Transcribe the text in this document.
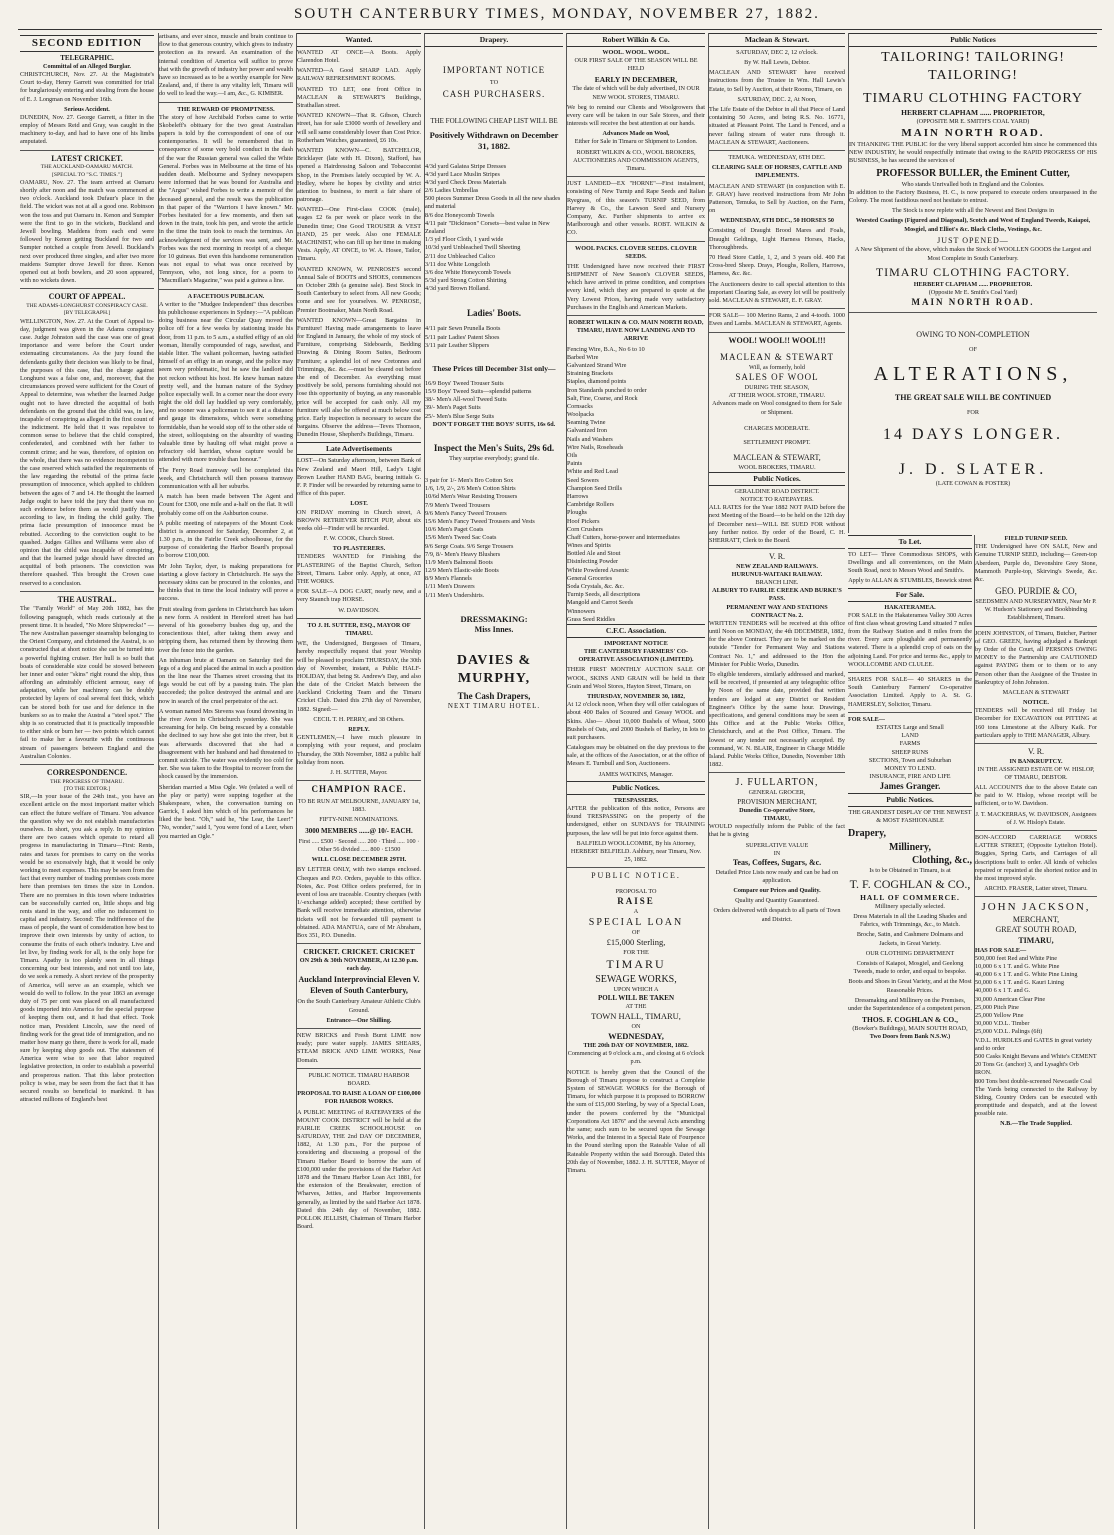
SOUTH CANTERBURY TIMES, MONDAY, NOVEMBER 27, 1882.
SECOND EDITION
TELEGRAPHIC.
Committal of an Alleged Burglar.

CHRISTCHURCH, Nov. 27. At the Magistrate's Court to-day, Henry Garrett was committed for trial for burglariously entering and stealing from the house of E. J. Longman on November 16th.

Serious Accident.

DUNEDIN, Nov. 27. George Garrett, a fitter in the employ of Messrs Reid and Gray, was caught in the machinery to-day, and had to have one of his limbs amputated.

LATEST CRICKET.
THE AUCKLAND-OAMARU MATCH.
[SPECIAL TO "S.C. TIMES."]

OAMARU, Nov. 27. The team arrived at Oamaru shortly after noon and the match was commenced at two o'clock. Auckland took Dufaur's place in the field. The wicket was not at all a good one. Robinson won the toss and put Oamaru in. Kenon and Sumpter were the first to go in the wickets, Buckland and Jewell bowling. Maddens from each end were followed by Kenon getting Buckland for two and Sumpter notched a couple from Jewell. Buckland's next over produced three singles, and after two more maidens Sumpter drove Jewell for three. Kenon opened out at both bowlers, and 20 soon appeared, with no wickets down.

COURT OF APPEAL.
THE ADAMS-LONGHURST CONSPIRACY CASE.
[BY TELEGRAPH.]

WELLINGTON, Nov. 27. At the Court of Appeal to-day, judgment was given in the Adams conspiracy case. Judge Johnston said the case was one of great importance and were before the Court under extenuating circumstances. As the jury found the defendants guilty their decision was likely to be final, the purposes of this case, that the charge against Longhurst was a false one, and, moreover, that the circumstances proved were sufficient for the Court of Appeal to determine, was whether the learned Judge ought not to have directed the acquittal of both defendants on the ground that the child was, in law, incapable of conspiring as alleged in the first count of the indictment. He held that it was repulsive to common sense to believe that the child conspired, confederated, and combined with her father to commit crime; and he was, therefore, of opinion on the whole, that there was no evidence incompetent to the case reserved which satisfied the requirements of the law regarding the rebuttal of the prima facie presumption of innocence, which applied to children between the ages of 7 and 14. He thought the learned Judge ought to have told the jury that there was no such evidence before them as would justify them, according to law, in finding the child guilty. The prima facie presumption of innocence must be rebutted. According to the conviction ought to be quashed. Judges Gillies and Williams were also of opinion that the child was incapable of conspiring, and that the learned judge should have directed an acquittal of both prisoners. The conviction was therefore quashed. This brought the Crown case reserved to a conclusion.

THE AUSTRAL.

The "Family World" of May 20th 1882, has the following paragraph, which reads curiously at the present time. It is headed, "No More Shipwrecks!" — The new Australian passenger steamship belonging to the Orient Company, and christened the Austral, is so constructed that at short notice she can be turned into a powerful fighting cruiser. Her hull is so built that boats of considerable size could be stowed between her inner and outer "skins" right round the ship, thus affording an admirably efficient armour, easy of adaptation, while her machinery can be doubly protected by layers of coal several feet thick, which can be stored both for use and for defence in the bunkers so as to make the Austral a "steel spot." The ship is so constructed that it is practically impossible to either sink or burn her — two points which cannot fail to make her a favourite with the continuous stream of passengers between England and the Australian Colonies.

CORRESPONDENCE.
THE PROGRESS OF TIMARU.
[TO THE EDITOR.]

SIR,—In your issue of the 24th inst., you have an excellent article on the most important matter which can effect the future welfare of Timaru. You advance the question why we do not establish manufactories ourselves. In short, you ask a reply. In my opinion there are two causes which operate to retard all progress in manufacturing in Timaru—First: Rents, rates and taxes for premises to carry on the works would be so excessively high, that it would be only working to meet expenses. This may be seen from the fact that every number of trading premises costs more here than premises ten times the size in London. There are no premises in this town where industries can be successfully carried on, little shops and big rents stand in the way, and offer no inducement to capital and industry. Second: The indifference of the mass of people, the want of consideration how best to improve their own interests by unity of action, to consume the fruits of each other's industry. Live and let live, by finding work for all, is the only hope for Timaru. Apathy is too plainly seen in all things concerning our best interests, and not until too late, do we seek a remedy. A short review of the prosperity of America, will serve as an example, which we would do well to follow. In the year 1863 an average duty of 75 per cent was placed on all manufactured goods imported into America for the special purpose of keeping them out, and it had that effect. Took notice man, President Lincoln, saw the need of finding work for the great tide of immigration, and no matter how many go there, there is work for all, made sure by keeping shop goods out. The statesmen of America were wise to see that labor required legislative protection, in order to establish a powerful and prosperous nation. That this labor protection policy is wise, may be seen from the fact that it has secured results so beneficial to mankind. It has attracted millions of England's best

artisans, and ever since, muscle and brain continue to flow to that generous country, which gives to industry protection as its reward. An examination of the internal condition of America will suffice to prove that with the growth of industry her power and wealth have so increased as to be a worthy example for New Zealand, and, if there is any vitality left, Timaru will do well to lead the way.—I am, &c., G. KIMBER.

THE REWARD OF PROMPTNESS.

The story of how Archibald Forbes came to write Skobeleff's obituary for the two great Australian papers is told by the correspondent of one of our contemporaries. It will be remembered that in consequence of some very bold conduct in the dash of the war the Russian general was called the White General. Forbes was in Melbourne at the time of his sudden death. Melbourne and Sydney newspapers were informed that he was bound for Australia and the "Argus" wished Forbes to write a memoir of the deceased general, and the result was the publication in that paper of the "Warriors I have known." Mr. Forbes hesitated for a few moments, and then sat down in the train, took his pen, and wrote the article in the time the train took to reach the terminus. An acknowledgment of the services was sent, and Mr. Forbes was the next morning in receipt of a cheque for 10 guineas. But even this handsome remuneration was not equal to what was once received by Tennyson, who, not long since, for a poem to "Macmillan's Magazine," was paid a guinea a line.

A FACETIOUS PUBLICAN.

A writer to the "Mudgee Independent" thus describes his publichouse experiences in Sydney:—"A publican doing business near the Circular Quay moved the police off for a few weeks by stationing inside his door, from 11 p.m. to 5 a.m., a stuffed effigy of an old woman, literally compounded of rags, sawdust, and stable litter. The valiant policeman, having satisfied himself of an effigy in an orange, and the police may seem very problematic, but he saw the landlord did not reckon without his host. He knew human nature pretty well, and the human nature of the Sydney police especially well. In a corner near the door every night the old doll lay huddled up very comfortably, and no sooner was a policeman to see it at a distance and gauge its dimensions, which were something formidable, than he would stop off to the other side of the street, soliloquising on the absurdity of wasting valuable time by hauling off what might prove a refractory old harridan, whose capture would be attended with more trouble than honour."

The Ferry Road tramway will be completed this week, and Christchurch will then possess tramway communication with all her suburbs.

A match has been made between The Agent and Count for £300, one mile and a-half on the flat. It will probably come off on the Ashburton course.

A public meeting of ratepayers of the Mount Cook district is announced for Saturday, December 2, at 1.30 p.m., in the Fairlie Creek schoolhouse, for the purpose of considering the Harbor Board's proposal to borrow £100,000.

Mr John Taylor, dyer, is making preparations for starting a glove factory in Christchurch. He says the necessary skins can be procured in the colonies, and he thinks that in time the local industry will prove a success.

Fruit stealing from gardens in Christchurch has taken a new form. A resident in Hereford street has had several of his gooseberry bushes dug up, and the conscientious thief, after taking them away and stripping them, has returned them by throwing them over the fence into the garden.

An inhuman brute at Oamaru on Saturday tied the legs of a dog and placed the animal in such a position on the line near the Thames street crossing that its legs would be cut off by a passing train. The plan succeeded; the police destroyed the animal and are now in search of the cruel perpetrator of the act.

A woman named Mrs Stevens was found drowning in the river Avon in Christchurch yesterday. She was screaming for help. On being rescued by a constable she declined to say how she got into the river, but it was afterwards discovered that she had a disagreement with her husband and had threatened to commit suicide. The water was evidently too cold for her. She was taken to the Hospital to recover from the shock caused by the immersion.

Sheridan married a Miss Ogle. We (related a well of the play or party) were supping together at the Shakespeare, when, the conversation turning on Garrick, I asked him which of his performances he liked the best. "Oh," said he, "the Lear, the Leer!" "No, wonder," said I, "you were fond of a Leer, when you married an Ogle."

Wanted.

WANTED AT ONCE—A Boots. Apply Clarendon Hotel.

WANTED—A Good SHARP LAD. Apply RAILWAY REFRESHMENT ROOMS.

WANTED TO LET, one front Office in MACLEAN & STEWART'S Buildings, Strathallan street.

WANTED KNOWN—That R. Gibson, Church street, has for sale £3000 worth of Jewellery and will sell same considerably lower than Cost Price. Rotherham Watches, guaranteed, £6 10s.

WANTED KNOWN—C. BATCHELOR, Bricklayer (late with H. Dixon), Stafford, has opened a Hairdressing Saloon and Tobacconist Shop, in the Premises lately occupied by W. A. Hedley, where he hopes by civility and strict attention to business, to merit a fair share of patronage.

WANTED—One First-class COOK (male), wages £2 6s per week or place work in the Dunedin time; One Good TROUSER & VEST HAND, 25 per week. Also one FEMALE MACHINIST, who can fill up her time in making Vests. Apply, AT ONCE, to W. A. Hosee, Tailor, Timaru.

WANTED KNOWN, W. PENROSE'S second Annual Sale of BOOTS and SHOES, commences on October 28th (a genuine sale). Best Stock in South Canterbury to select from. All new Goods; come and see for yourselves. W. PENROSE, Premier Bootmaker, Main North Road.

WANTED KNOWN—Great Bargains in Furniture! Having made arrangements to leave for England in January, the whole of my stock of Furniture, comprising Sideboards, Bedding Drawing & Dining Room Suites, Bedroom Furniture; a splendid lot of new Cretonnes and Trimmings, &c. &c.—must be cleared out before the end of December. As everything must positively be sold, persons furnishing should not lose this opportunity of buying, as any reasonable price will be accepted for cash only. All my furniture will also be offered at much below cost price. Early inspection is necessary to secure the bargains. Observe the address—Teves Thomson, Dunedin House, Shepherd's Buildings, Timaru.

Late Advertisements

LOST—On Saturday afternoon, between Bank of New Zealand and Maori Hill, Lady's Light Brown Leather HAND BAG, bearing initials G. F. P. Finder will be rewarded by returning same to office of this paper.

LOST.

ON FRIDAY morning in Church street, A BROWN RETRIEVER BITCH PUP, about six weeks old—Finder will be rewarded.

F. W. COOK, Church Street.

TO PLASTERERS.

TENDERS WANTED for Finishing the PLASTERING of the Baptist Church, Sefton Street, Timaru. Labor only. Apply, at once, AT THE WORKS.

FOR SALE—A DOG CART, nearly new, and a very Staunch trap HORSE.

W. DAVIDSON.

TO J. H. SUTTER, ESQ., MAYOR OF TIMARU.

WE, the Undersigned, Burgesses of Timaru, hereby respectfully request that your Worship will be pleased to proclaim THURSDAY, the 30th day of November, instant, a Public HALF-HOLIDAY, that being St. Andrew's Day, and also the date of the Cricket Match between the Auckland Cricketing Team and the Timaru Cricket Club. Dated this 27th day of November, 1882. Signed:—

CECIL T. H. PERRY, and 38 Others.

REPLY.

GENTLEMEN,—I have much pleasure in complying with your request, and proclaim Thursday, the 30th November, 1882 a public half holiday from noon.

J. H. SUTTER, Mayor.

CHAMPION RACE.

TO BE RUN AT MELBOURNE, JANUARY 1st, 1883.

FIFTY-NINE NOMINATIONS.

3000 MEMBERS ......@ 10/- EACH.

First ..... £500 · Second ..... 200 · Third ..... 100 · Other 56 divided ..... 800 · £1500

WILL CLOSE DECEMBER 29TH.

BY LETTER ONLY, with two stamps enclosed. Cheques and P.O. Orders, payable to this office. Notes, &c. Post Office orders preferred, for in event of loss are traceable. Country cheques (with 1/-exchange added) accepted; these certified by Bank will receive immediate attention, otherwise tickets will not be forwarded till payment is obtained. ADA MANTUA, care of Mr Abraham, Box 351, P.O. Dunedin.

CRICKET. CRICKET. CRICKET

ON 29th & 30th NOVEMBER, At 12.30 p.m. each day.

Auckland Interprovincial Eleven V. Eleven of South Canterbury,

On the South Canterbury Amateur Athletic Club's Ground.

Entrance—One Shilling.

NEW BRICKS and Fresh Burnt LIME now ready; pure water supply. JAMES SHEARS, STEAM BRICK AND LIME WORKS, Near Domain.

PUBLIC NOTICE. TIMARU HARBOR BOARD.

PROPOSAL TO RAISE A LOAN OF £100,000 FOR HARBOR WORKS.

A PUBLIC MEETING of RATEPAYERS of the MOUNT COOK DISTRICT will be held at the FAIRLIE CREEK SCHOOLHOUSE on SATURDAY, THE 2nd DAY OF DECEMBER, 1882, At 1.30 p.m., For the purpose of considering and discussing a proposal of the Timaru Harbor Board to borrow the sum of £100,000 under the provisions of the Harbor Act 1878 and the Timaru Harbor Loan Act 1881, for the extension of the Breakwater, erection of Wharves, Jetties, and Harbor Improvements generally, as limited by the said Harbor Act 1878. Dated this 24th day of November, 1882. POLLOK JELLISH, Chairman of Timaru Harbor Board.

Drapery.
IMPORTANT NOTICE
TO
CASH PURCHASERS.
THE FOLLOWING CHEAP LIST WILL BE
Positively Withdrawn on December 31, 1882.
4/3d yard Galatea Stripe Dresses
4/3d yard Lace Muslin Stripes
4/3d yard Check Dress Materials
2/6 Ladies Umbrellas
500 pieces Summer Dress Goods in all the new shades and material
8/6 doz Honeycomb Towels
4/11 pair "Dickinson" Corsets—best value in New Zealand
1/3 yd Floor Cloth, 1 yard wide
10/3d yard Unbleached Twill Sheeting
2/11 doz Unbleached Calico
3/11 doz White Longcloth
3/6 doz White Honeycomb Towels
5/3d yard Strong Cotton Shirting
4/3d yard Brown Holland.
Ladies' Boots.
4/11 pair Sewn Prunella Boots
5/11 pair Ladies' Patent Shoes
3/11 pair Leather Slippers
These Prices till December 31st only—
16/9 Boys' Tweed Trouser Suits
15/9 Boys' Tweed Suits—splendid patterns
38/- Men's All-wool Tweed Suits
39/- Men's Paget Suits
25/- Men's Blue Serge Suits
DON'T FORGET THE BOYS' SUITS, 16s 6d.
Inspect the Men's Suits, 29s 6d.
They surprise everybody; grand tile.
3 pair for 1/- Men's Bro Cotton Sox
1/6, 1/9, 2/-, 2/6 Men's Cotton Shirts
10/6d Men's Wear Resisting Trousers
7/9 Men's Tweed Trousers
9/6 Men's Fancy Tweed Trousers
15/6 Men's Fancy Tweed Trousers and Vests
10/6 Men's Paget Coats
15/6 Men's Tweed Sac Coats
9/6 Serge Coats. 9/6 Serge Trousers
7/9, 8/- Men's Heavy Blushers
11/9 Men's Balmoral Boots
12/9 Men's Elastic-side Boots
8/9 Men's Flannels
1/11 Men's Drawers
1/11 Men's Undershirts.
DRESSMAKING:
Miss Innes.
DAVIES & MURPHY,
The Cash Drapers,
NEXT TIMARU HOTEL.
Robert Wilkin & Co.
WOOL. WOOL. WOOL.

OUR FIRST SALE OF THE SEASON WILL BE HELD

EARLY IN DECEMBER,

The date of which will be duly advertised, IN OUR NEW WOOL STORES, TIMARU.

We beg to remind our Clients and Woolgrowers that every care will be taken in our Sale Stores, and their interests will receive the best attention at our hands.

Advances Made on Wool,

Either for Sale in Timaru or Shipment to London.

ROBERT WILKIN & CO., WOOL BROKERS, AUCTIONEERS AND COMMISSION AGENTS, Timaru.

JUST LANDED—EX "HORNE"—First instalment, consisting of New Turnip and Rape Seeds and Italian Ryegrass, of this season's TURNIP SEED, from Harvey & Co., the Lawson Seed and Nursery Company, &c. Further shipments to arrive ex Marlborough and other vessels. ROBT. WILKIN & CO.

WOOL PACKS. CLOVER SEEDS. CLOVER SEEDS.

THE Undersigned have now received their FIRST SHIPMENT of New Season's CLOVER SEEDS, which have arrived in prime condition, and comprises every kind, which they are prepared to quote at the Very Lowest Prices, having made very satisfactory Purchases in the English and American Markets.

ROBERT WILKIN & CO. MAIN NORTH ROAD, TIMARU, HAVE NOW LANDING AND TO ARRIVE

Fencing Wire, B.A., No 6 to 10
Barbed Wire
Galvanized Strand Wire
Straining Brackets
Staples, diamond points
Iron Standards punched to order
Salt, Fine, Coarse, and Rock
Cornsacks
Woolpacks
Seaming Twine
Galvanized Iron
Nails and Washers
Wire Nails, Roseheads
Oils
Paints
White and Red Lead
Seed Sowers
Champion Seed Drills
Harrows
Cambridge Rollers
Ploughs
Hoof Pickers
Corn Crushers
Chaff Cutters, horse-power and intermediates
Wines and Spirits
Bottled Ale and Stout
Disinfecting Powder
White Powdered Arsenic
General Groceries
Soda Crystals, &c. &c.
Turnip Seeds, all descriptions
Mangold and Carrot Seeds
Winnowers
Grass Seed Riddles
C.F.C. Association.
IMPORTANT NOTICE

THE CANTERBURY FARMERS' CO-OPERATIVE ASSOCIATION (LIMITED).

THEIR FIRST MONTHLY AUCTION SALE OF WOOL, SKINS AND GRAIN will be held in their Grain and Wool Stores, Hayton Street, Timaru, on

THURSDAY, NOVEMBER 30, 1882,

At 12 o'clock noon, When they will offer catalogues of about 400 Bales of Scoured and Greasy WOOL and Skins. Also— About 10,000 Bushels of Wheat, 5000 Bushels of Oats, and 2000 Bushels of Barley, in lots to suit purchasers.

Catalogues may be obtained on the day previous to the sale, at the offices of the Association, or at the office of Messrs E. Turnbull and Son, Auctioneers.

JAMES WATKINS, Manager.

Public Notices.
TRESPASSERS.

AFTER the publication of this notice, Persons are found TRESPASSING on the property of the undersigned, either on SUNDAYS for TRAINING purposes, the law will be put into force against them.

BALFIELD WOOLLCOMBE, By his Attorney, HERBERT BELFIELD. Ashbury, near Timaru, Nov. 25, 1882.

PUBLIC NOTICE.
PROPOSAL TO
RAISE
A
SPECIAL LOAN
OF
£15,000 Sterling,
FOR THE
TIMARU
SEWAGE WORKS,
UPON WHICH A
POLL WILL BE TAKEN
AT THE
TOWN HALL, TIMARU,
ON
WEDNESDAY,
THE 20th DAY OF NOVEMBER, 1882.

Commencing at 9 o'clock a.m., and closing at 6 o'clock p.m.

NOTICE is hereby given that the Council of the Borough of Timaru propose to construct a Complete System of SEWAGE WORKS for the Borough of Timaru, for which purpose it is proposed to BORROW the sum of £15,000 Sterling, by way of a Special Loan, under the powers conferred by the "Municipal Corporations Act 1876" and the several Acts amending the same; such sum to be secured upon the Sewage Works, and the Interest in a Special Rate of Fourpence in the Pound sterling upon the Rateable Value of all Rateable Property within the said Borough. Dated this 20th day of November, 1882. J. H. SUTTER, Mayor of Timaru.

Maclean & Stewart.

SATURDAY, DEC 2, 12 o'clock.

By W. Hall Lewis, Debtor.

MACLEAN AND STEWART have received instructions from the Trustee in Wm. Hall Lewis's Estate, to Sell by Auction, at their Rooms, Timaru, on

SATURDAY, DEC. 2, At Noon,

The Life Estate of the Debtor in all that Piece of Land containing 50 Acres, and being R.S. No. 16771, situated at Pleasant Point. The Land is Fenced, and a never failing stream of water runs through it. MACLEAN & STEWART, Auctioneers.

TEMUKA. WEDNESDAY, 6TH DEC.

CLEARING SALE OF HORSES, CATTLE AND IMPLEMENTS.

MACLEAN AND STEWART (in conjunction with E. F. GRAY) have received instructions from Mr John Patterson, Temuka, to Sell by Auction, on the Farm, on

WEDNESDAY, 6TH DEC., 50 HORSES 50

Consisting of Draught Brood Mares and Foals, Draught Geldings, Light Harness Horses, Hacks, Thoroughbreds.

70 Head Store Cattle, 1, 2, and 3 years old. 400 Fat Cross-bred Sheep. Drays, Ploughs, Rollers, Harrows, Harness, &c. &c.

The Auctioneers desire to call special attention to this important Clearing Sale, as every lot will be positively sold. MACLEAN & STEWART, E. F. GRAY.

FOR SALE— 100 Merino Rams, 2 and 4-tooth. 1000 Ewes and Lambs. MACLEAN & STEWART, Agents.

WOOL! WOOL!! WOOL!!!
MACLEAN & STEWART
Will, as formerly, hold
SALES OF WOOL
DURING THE SEASON,
AT THEIR WOOL STORE, TIMARU.

Advances made on Wool consigned to them for Sale or Shipment.

CHARGES MODERATE.
SETTLEMENT PROMPT.
MACLEAN & STEWART,
WOOL BROKERS, TIMARU.
Public Notices.
GERALDINE ROAD DISTRICT.
NOTICE TO RATEPAYERS.

ALL RATES for the Year 1882 NOT PAID before the next Meeting of the Board—to be held on the 12th day of December next—WILL BE SUED FOR without any further notice. By order of the Board, C. H. SHERRATT, Clerk to the Board.

V. R.
NEW ZEALAND RAILWAYS.
HURUNUI-WAITAKI RAILWAY.
BRANCH LINE.
ALBURY TO FAIRLIE CREEK AND BURKE'S PASS.
PERMANENT WAY AND STATIONS CONTRACT No. 2.

WRITTEN TENDERS will be received at this office until Noon on MONDAY, the 4th DECEMBER, 1882, for the above Contract. They are to be marked on the outside "Tender for Permanent Way and Stations Contract No. 1," and addressed to the Hon the Minister for Public Works, Dunedin.

To eligible tenderers, similarly addressed and marked, will be received, if presented at any telegraphic office by Noon of the same date, provided that written tenders are lodged at any District or Resident Engineer's Office by the same hour. Drawings, specifications, and general conditions may be seen at this Office and at the Public Works Office, Christchurch, and at the Post Office, Timaru. The lowest or any tender not necessarily accepted. By command, W. N. BLAIR, Engineer in Charge Middle Island. Public Works Office, Dunedin, November 18th 1882.

J. FULLARTON,
GENERAL GROCER,
PROVISION MERCHANT,
Dunedin Co-operative Store,
TIMARU,

WOULD respectfully inform the Public of the fact that he is giving

SUPERLATIVE VALUE
IN
Teas, Coffees, Sugars, &c.

Detailed Price Lists now ready and can be had on application.

Compare our Prices and Quality.

Quality and Quantity Guaranteed.

Orders delivered with despatch to all parts of Town and District.

Public Notices
TAILORING! TAILORING! TAILORING!
TIMARU CLOTHING FACTORY
HERBERT CLAPHAM ...... PROPRIETOR,
(OPPOSITE MR E. SMITH'S COAL YARD)
MAIN NORTH ROAD.

IN THANKING THE PUBLIC for the very liberal support accorded him since he commenced this NEW INDUSTRY, he would respectfully intimate that owing to the RAPID PROGRESS OF HIS BUSINESS, he has secured the services of

PROFESSOR BULLER, the Eminent Cutter,
Who stands Unrivalled both in England and the Colonies.

In addition to the Factory Business, H. C., is now prepared to execute orders unsurpassed in the Colony. The most fastidious need not hesitate to entrust.

The Stock is now replete with all the Newest and Best Designs in

Worsted Coatings (Figured and Diagonal), Scotch and West of England Tweeds, Kaiapoi, Mosgiel, and Elliot's &c. Black Cloths, Vestings, &c.

JUST OPENED—

A New Shipment of the above, which makes the Stock of WOOLLEN GOODS the Largest and Most Complete in South Canterbury.

TIMARU CLOTHING FACTORY.
HERBERT CLAPHAM ...... PROPRIETOR.
(Opposite Mr E. Smith's Coal Yard)
MAIN NORTH ROAD.
OWING TO NON-COMPLETION
OF
ALTERATIONS,
THE GREAT SALE WILL BE CONTINUED
FOR
14 DAYS LONGER.
J. D. SLATER.
(LATE COWAN & FOSTER)
To Let.

TO LET— Three Commodious SHOPS, with Dwellings and all conveniences, on the Main South Road, next to Messrs Wood and Smith's.

Apply to ALLAN & STUMBLES, Beswick street

For Sale.
HAKATERAMEA.

FOR SALE in the Hakateramea Valley 300 Acres of first class wheat growing Land situated 7 miles from the Railway Station and 8 miles from the river. Every acre ploughable and permanently watered. There is a splendid crop of oats on the adjoining Land. For price and terms &c., apply to WOOLLCOMBE AND CLULEE.

SHARES FOR SALE— 40 SHARES in the South Canterbury Farmers' Co-operative Association Limited. Apply to A. St. G. HAMERSLEY, Solicitor, Timaru.

FOR SALE—
ESTATES Large and Small
LAND
FARMS
SHEEP RUNS
SECTIONS, Town and Suburban
MONEY TO LEND.
INSURANCE, FIRE AND LIFE
James Granger.
Public Notices.

THE GRANDEST DISPLAY OF THE NEWEST & MOST FASHIONABLE

Drapery,
Millinery,
Clothing, &c.,

Is to be Obtained in Timaru, is at

T. F. COGHLAN & CO.,
HALL OF COMMERCE.

Millinery specially selected.

Dress Materials in all the Leading Shades and Fabrics, with Trimmings, &c., to Match.

Broche, Satin, and Cashmere Dolmans and Jackets, in Great Variety.

OUR CLOTHING DEPARTMENT

Consists of Kaiapoi, Mosgiel, and Geelong Tweeds, made to order, and equal to bespoke.

Boots and Shoes in Great Variety, and at the Most Reasonable Prices.

Dressmaking and Millinery on the Premises, under the Superintendence of a competent person.

THOS. F. COGHLAN & CO.,
(Bowker's Buildings), MAIN SOUTH ROAD,
Two Doors from Bank N.S.W.)
FIELD TURNIP SEED.

THE Undersigned have ON SALE, New and Genuine TURNIP SEED, including— Green-top Aberdeen, Purple do, Devonshire Grey Stone, Mammoth Purple-top, Skirving's Swede, &c. &c.

GEO. PURDIE & CO,

SEEDSMEN AND NURSERYMEN, Near Mr P. W. Hudson's Stationery and Bookbinding Establishment, Timaru.

JOHN JOHNSTON, of Timaru, Butcher, Partner of GEO. GREEN, having adjudged a Bankrupt by Order of the Court, all PERSONS OWING MONEY to the Partnership are CAUTIONED against PAYING them or to them or to any Person other than the Assignee of the Trustee in Bankruptcy of John Johnston.

MACLEAN & STEWART

NOTICE.

TENDERS will be received till Friday 1st December for EXCAVATION out PITTING at 160 tons Limestone at the Albury Kaik. For particulars apply to THE MANAGER, Albury.

V. R.
IN BANKRUPTCY.

IN THE ASSIGNED ESTATE OF W. HISLOP, OF TIMARU, DEBTOR.

ALL ACCOUNTS due to the above Estate can be paid to W. Hislop, whose receipt will be sufficient, or to W. Davidson.

J. T. MACKERRAS, W. DAVIDSON, Assignees of J. W. Hislop's Estate.

BON-ACCORD CARRIAGE WORKS LATTER STREET, (Opposite Lyttelton Hotel). Buggies, Spring Carts, and Carriages of all descriptions built to order. All kinds of vehicles repaired or repainted at the shortest notice and in the most improved style.

ARCHD. FRASER, Latter street, Timaru.

JOHN JACKSON,
MERCHANT,
GREAT SOUTH ROAD,
TIMARU,
HAS FOR SALE—
500,000 feet Red and White Pine
10,000 6 x 1 T. and G. White Pine
40,000 6 x 1 T. and G. White Pine Lining
50,000 6 x 1 T. and G. Kauri Lining
40,000 6 x 1 T. and G.
30,000 American Clear Pine
25,000 Pitch Pine
25,000 Yellow Pine
30,000 V.D.L. Timber
25,000 V.D.L. Palings (6ft)
V.D.L. HURDLES and GATES in great variety and to order
500 Casks Knight Bevans and White's CEMENT
20 Tons Gr. (anchor) 3, and Lysaght's Orb IRON.
800 Tons best double-screened Newcastle Coal

The Yards being connected to the Railway by Siding, Country Orders can be executed with promptitude and despatch, and at the lowest possible rate.

N.B.—The Trade Supplied.
